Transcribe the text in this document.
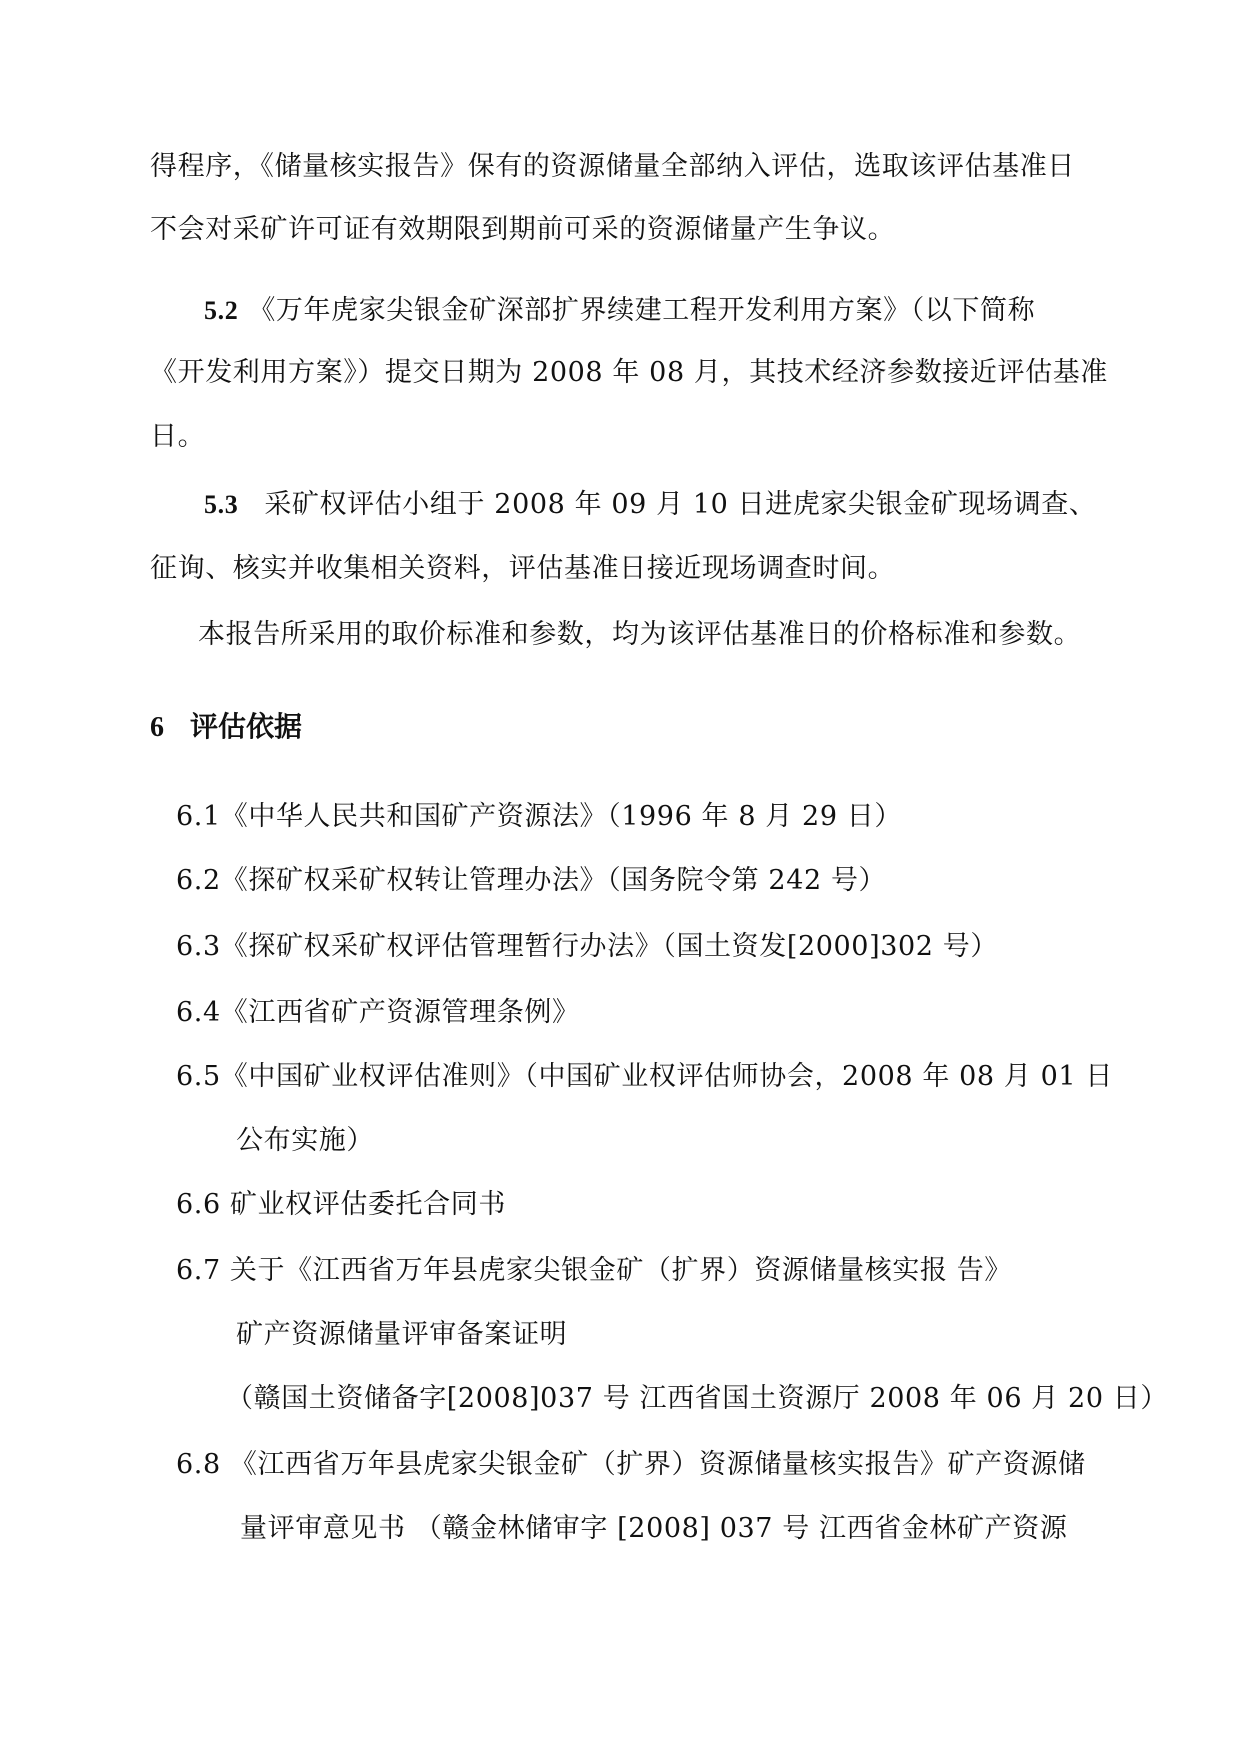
得程序，《储量核实报告》保有的资源储量全部纳入评估，选取该评估基准日
不会对采矿许可证有效期限到期前可采的资源储量产生争议。
5.2 《万年虎家尖银金矿深部扩界续建工程开发利用方案》（以下简称
《开发利用方案》）提交日期为 2008 年 08 月，其技术经济参数接近评估基准
日。
5.3 采矿权评估小组于 2008 年 09 月 10 日进虎家尖银金矿现场调查、
征询、核实并收集相关资料，评估基准日接近现场调查时间。
本报告所采用的取价标准和参数，均为该评估基准日的价格标准和参数。
6 评估依据
6.1《中华人民共和国矿产资源法》（1996 年 8 月 29 日）
6.2《探矿权采矿权转让管理办法》（国务院令第 242 号）
6.3《探矿权采矿权评估管理暂行办法》（国土资发[2000]302 号）
6.4《江西省矿产资源管理条例》
6.5《中国矿业权评估准则》（中国矿业权评估师协会，2008 年 08 月 01 日
公布实施）
6.6 矿业权评估委托合同书
6.7 关于《江西省万年县虎家尖银金矿（扩界）资源储量核实报 告》
矿产资源储量评审备案证明
（赣国土资储备字[2008]037 号 江西省国土资源厅 2008 年 06 月 20 日）
6.8 《江西省万年县虎家尖银金矿（扩界）资源储量核实报告》矿产资源储
量评审意见书 （赣金林储审字 [2008] 037 号 江西省金林矿产资源
